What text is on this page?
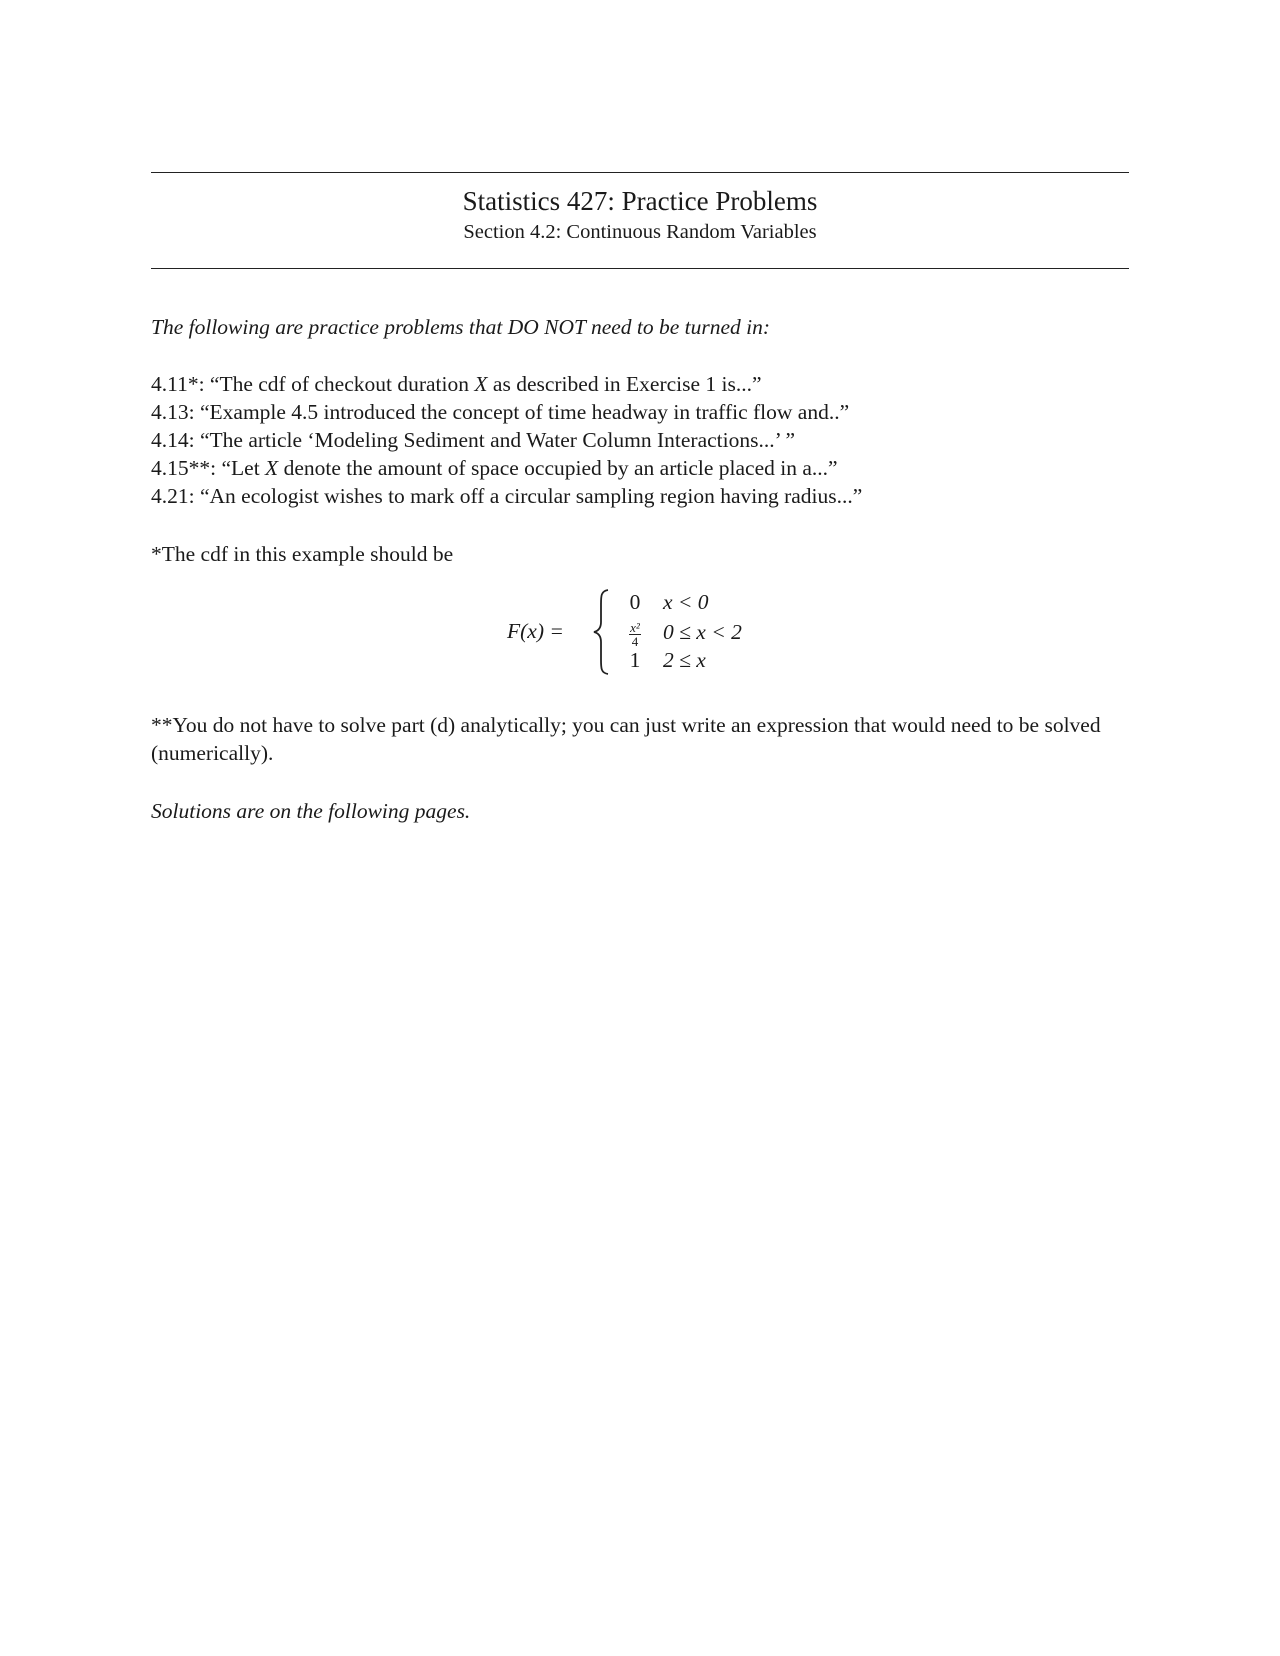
Statistics 427: Practice Problems
Section 4.2: Continuous Random Variables
The following are practice problems that DO NOT need to be turned in:
4.11*: “The cdf of checkout duration X as described in Exercise 1 is...”
4.13: “Example 4.5 introduced the concept of time headway in traffic flow and..”
4.14: “The article ‘Modeling Sediment and Water Column Interactions...’ ”
4.15**: “Let X denote the amount of space occupied by an article placed in a...”
4.21: “An ecologist wishes to mark off a circular sampling region having radius...”
*The cdf in this example should be
F(x) =
0 x < 0
$\frac{\text{x²}}{4} 0 \le x < 2$
1 2 ≤ x
**You do not have to solve part (d) analytically; you can just write an expression that would need to be solved (numerically).
Solutions are on the following pages.
